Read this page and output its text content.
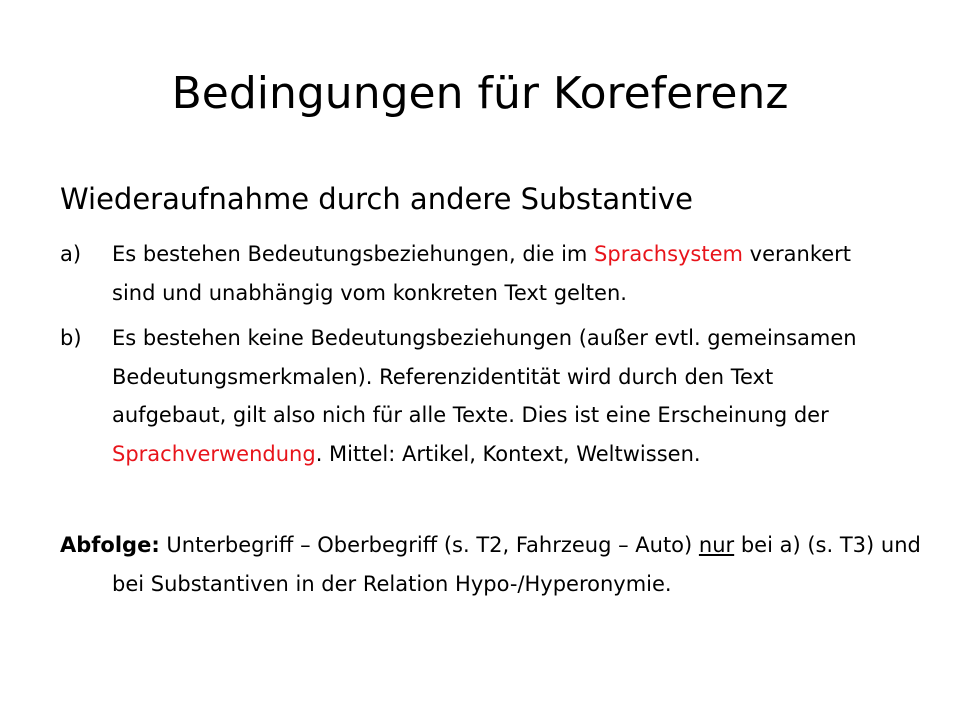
Bedingungen für Koreferenz
Wiederaufnahme durch andere Substantive
a) Es bestehen Bedeutungsbeziehungen, die im Sprachsystem verankert sind und unabhängig vom konkreten Text gelten.
b) Es bestehen keine Bedeutungsbeziehungen (außer evtl. gemeinsamen Bedeutungsmerkmalen). Referenzidentität wird durch den Text aufgebaut, gilt also nich für alle Texte. Dies ist eine Erscheinung der Sprachverwendung. Mittel: Artikel, Kontext, Weltwissen.
Abfolge: Unterbegriff – Oberbegriff (s. T2, Fahrzeug – Auto) nur bei a) (s. T3) und bei Substantiven in der Relation Hypo-/Hyperonymie.
